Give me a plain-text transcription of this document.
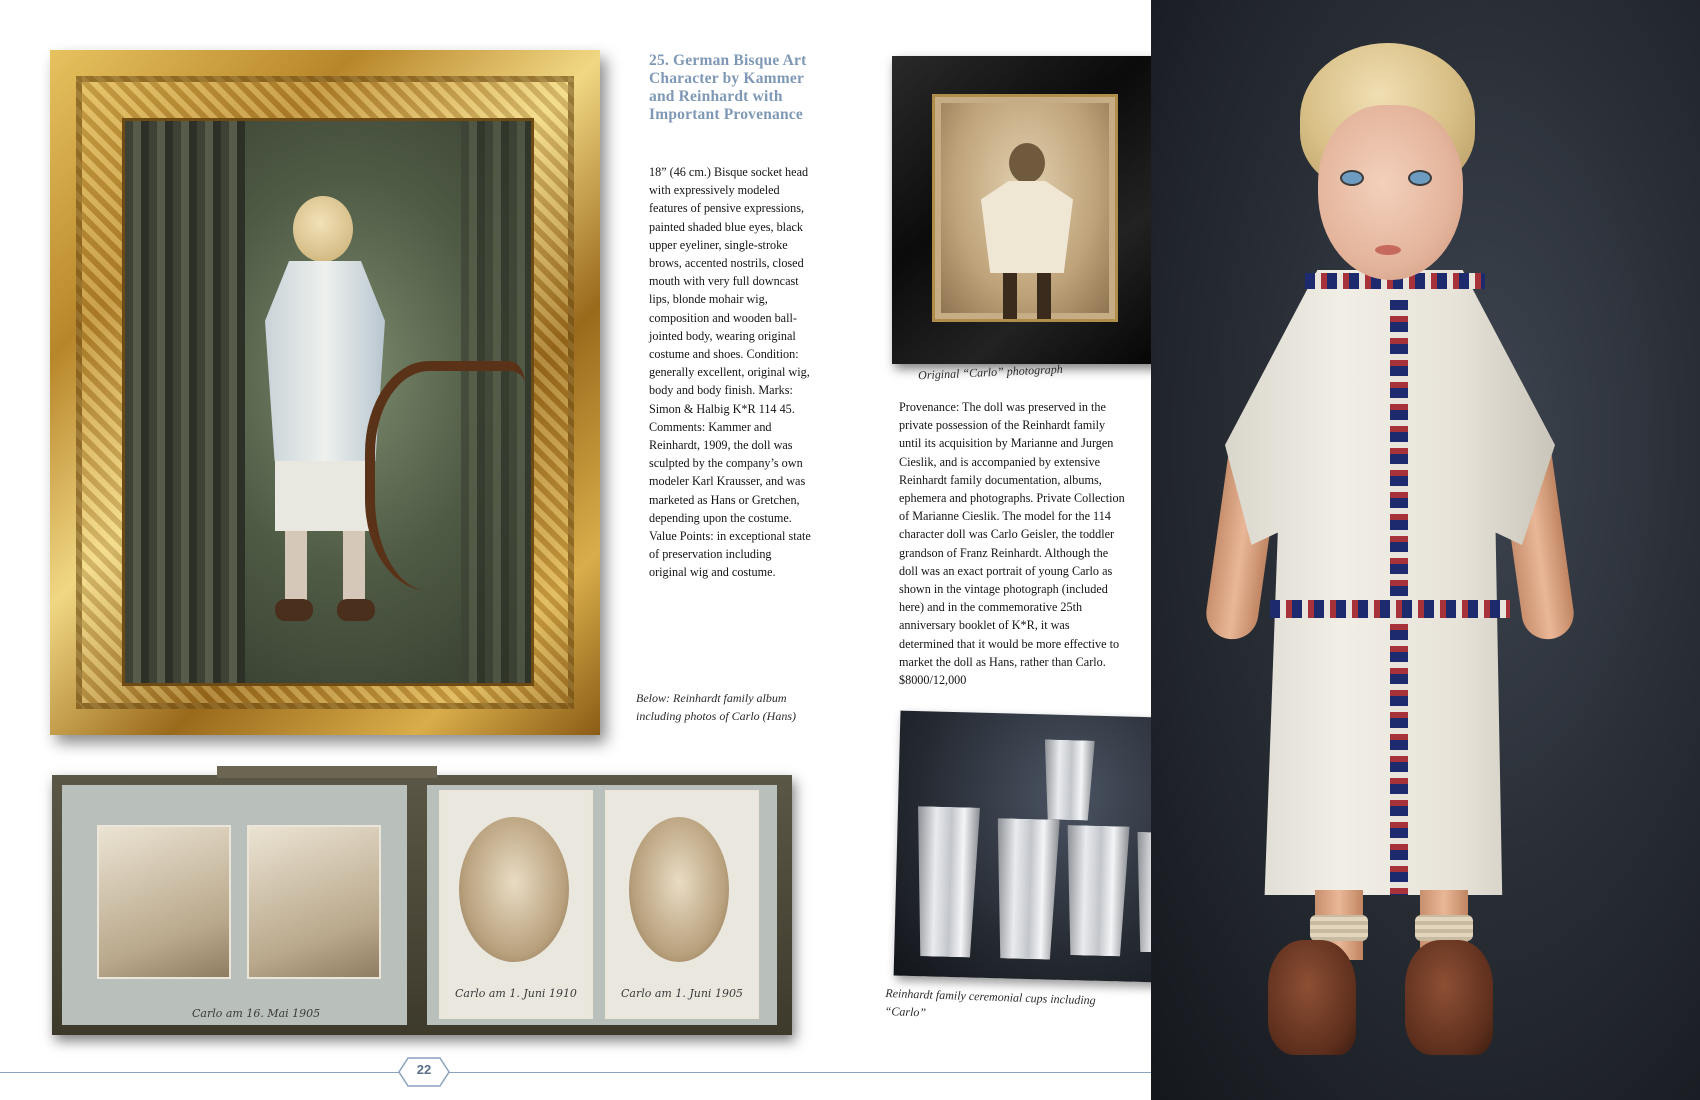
25. German Bisque Art Character by Kammer and Reinhardt with Important Provenance
18” (46 cm.) Bisque socket head with expressively modeled features of pensive expressions, painted shaded blue eyes, black upper eyeliner, single-stroke brows, accented nostrils, closed mouth with very full downcast lips, blonde mohair wig, composition and wooden ball-jointed body, wearing original costume and shoes. Condition: generally excellent, original wig, body and body finish. Marks: Simon & Halbig K*R 114 45. Comments: Kammer and Reinhardt, 1909, the doll was sculpted by the company’s own modeler Karl Krausser, and was marketed as Hans or Gretchen, depending upon the costume. Value Points: in exceptional state of preservation including original wig and costume.
Below: Reinhardt family album including photos of Carlo (Hans)
Original “Carlo” photograph
Provenance: The doll was preserved in the private possession of the Reinhardt family until its acquisition by Marianne and Jurgen Cieslik, and is accompanied by extensive Reinhardt family documentation, albums, ephemera and photographs. Private Collection of Marianne Cieslik. The model for the 114 character doll was Carlo Geisler, the toddler grandson of Franz Reinhardt. Although the doll was an exact portrait of young Carlo as shown in the vintage photograph (included here) and in the commemorative 25th anniversary booklet of K*R, it was determined that it would be more effective to market the doll as Hans, rather than Carlo. $8000/12,000
Reinhardt family ceremonial cups including “Carlo”
Carlo am 16. Mai 1905
Carlo am 1. Juni 1910	Carlo am 1. Juni 1905
22
